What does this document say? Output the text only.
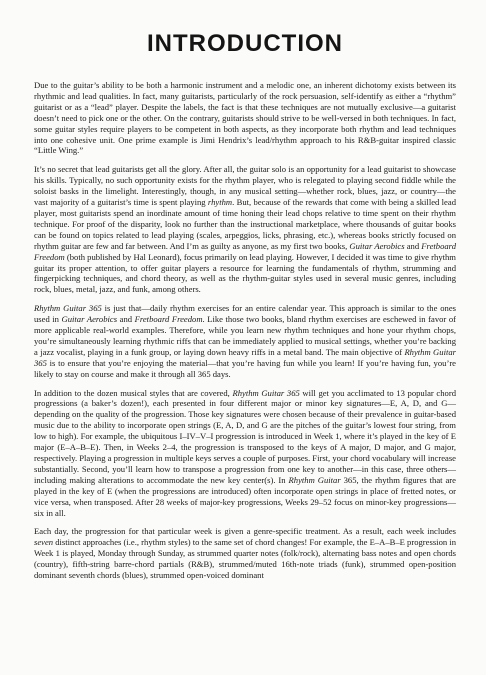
INTRODUCTION

Due to the guitar’s ability to be both a harmonic instrument and a melodic one, an inherent dichotomy exists between its rhythmic and lead qualities. In fact, many guitarists, particularly of the rock persuasion, self-identify as either a “rhythm” guitarist or as a “lead” player. Despite the labels, the fact is that these techniques are not mutually exclusive—a guitarist doesn’t need to pick one or the other. On the contrary, guitarists should strive to be well-versed in both techniques. In fact, some guitar styles require players to be competent in both aspects, as they incorporate both rhythm and lead techniques into one cohesive unit. One prime example is Jimi Hendrix’s lead/rhythm approach to his R&B-guitar inspired classic “Little Wing.”

It’s no secret that lead guitarists get all the glory. After all, the guitar solo is an opportunity for a lead guitarist to showcase his skills. Typically, no such opportunity exists for the rhythm player, who is relegated to playing second fiddle while the soloist basks in the limelight. Interestingly, though, in any musical setting—whether rock, blues, jazz, or country—the vast majority of a guitarist’s time is spent playing rhythm. But, because of the rewards that come with being a skilled lead player, most guitarists spend an inordinate amount of time honing their lead chops relative to time spent on their rhythm technique. For proof of the disparity, look no further than the instructional marketplace, where thousands of guitar books can be found on topics related to lead playing (scales, arpeggios, licks, phrasing, etc.), whereas books strictly focused on rhythm guitar are few and far between. And I’m as guilty as anyone, as my first two books, Guitar Aerobics and Fretboard Freedom (both published by Hal Leonard), focus primarily on lead playing. However, I decided it was time to give rhythm guitar its proper attention, to offer guitar players a resource for learning the fundamentals of rhythm, strumming and fingerpicking techniques, and chord theory, as well as the rhythm-guitar styles used in several music genres, including rock, blues, metal, jazz, and funk, among others.

Rhythm Guitar 365 is just that—daily rhythm exercises for an entire calendar year. This approach is similar to the ones used in Guitar Aerobics and Fretboard Freedom. Like those two books, bland rhythm exercises are eschewed in favor of more applicable real-world examples. Therefore, while you learn new rhythm techniques and hone your rhythm chops, you’re simultaneously learning rhythmic riffs that can be immediately applied to musical settings, whether you’re backing a jazz vocalist, playing in a funk group, or laying down heavy riffs in a metal band. The main objective of Rhythm Guitar 365 is to ensure that you’re enjoying the material—that you’re having fun while you learn! If you’re having fun, you’re likely to stay on course and make it through all 365 days.

In addition to the dozen musical styles that are covered, Rhythm Guitar 365 will get you acclimated to 13 popular chord progressions (a baker’s dozen!), each presented in four different major or minor key signatures—E, A, D, and G—depending on the quality of the progression. Those key signatures were chosen because of their prevalence in guitar-based music due to the ability to incorporate open strings (E, A, D, and G are the pitches of the guitar’s lowest four string, from low to high). For example, the ubiquitous I–IV–V–I progression is introduced in Week 1, where it’s played in the key of E major (E–A–B–E). Then, in Weeks 2–4, the progression is transposed to the keys of A major, D major, and G major, respectively. Playing a progression in multiple keys serves a couple of purposes. First, your chord vocabulary will increase substantially. Second, you’ll learn how to transpose a progression from one key to another—in this case, three others—including making alterations to accommodate the new key center(s). In Rhythm Guitar 365, the rhythm figures that are played in the key of E (when the progressions are introduced) often incorporate open strings in place of fretted notes, or vice versa, when transposed. After 28 weeks of major-key progressions, Weeks 29–52 focus on minor-key progressions—six in all.

Each day, the progression for that particular week is given a genre-specific treatment. As a result, each week includes seven distinct approaches (i.e., rhythm styles) to the same set of chord changes! For example, the E–A–B–E progression in Week 1 is played, Monday through Sunday, as strummed quarter notes (folk/rock), alternating bass notes and open chords (country), fifth-string barre-chord partials (R&B), strummed/muted 16th-note triads (funk), strummed open-position dominant seventh chords (blues), strummed open-voiced dominant
